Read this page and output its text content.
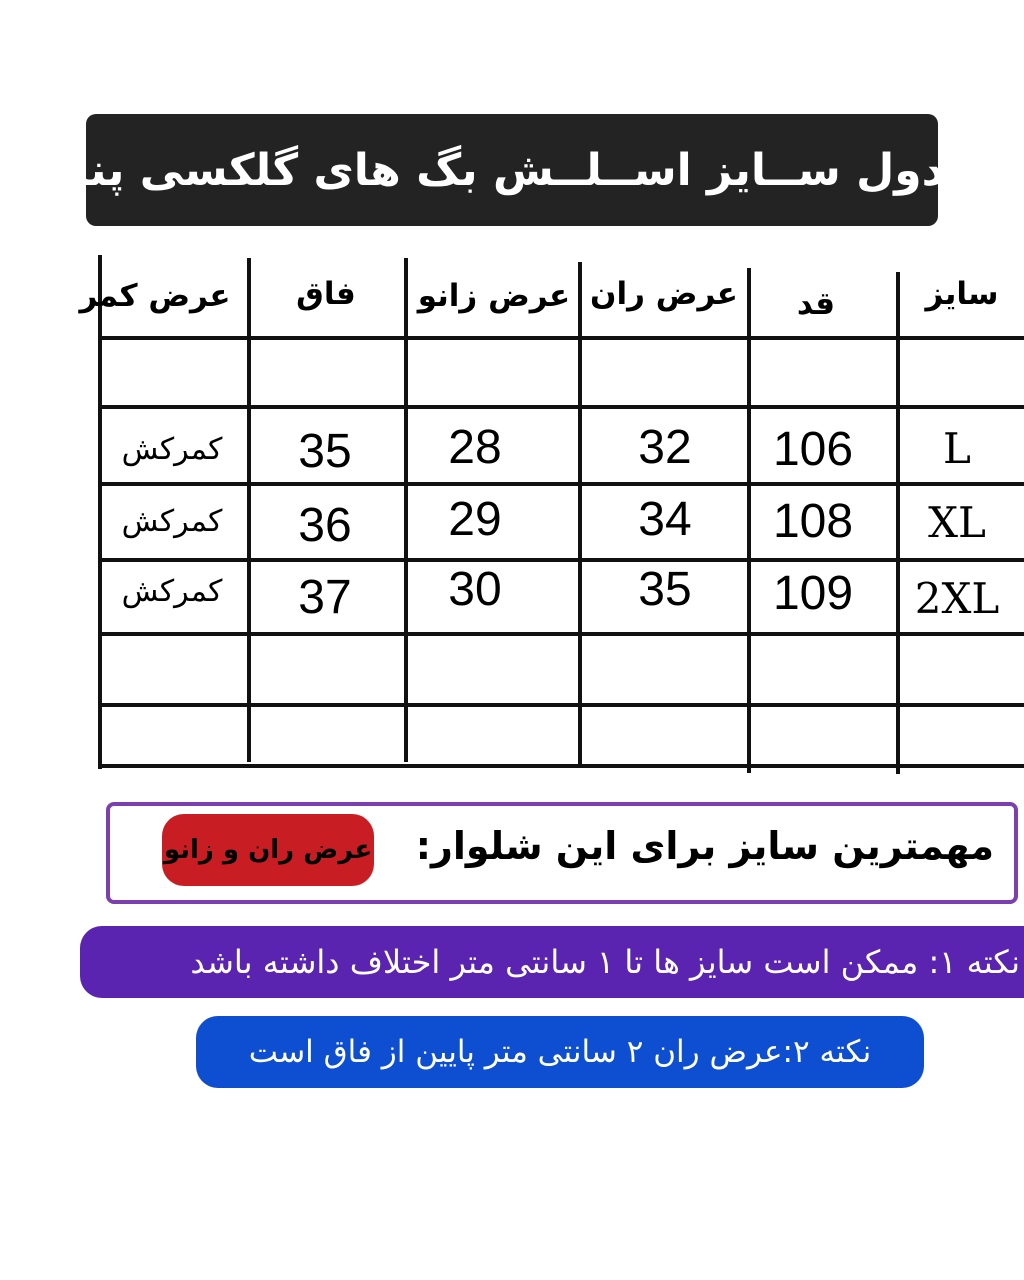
جدول ســایز اســلــش بگ های گلکسی پنبه
سایز
قد
عرض ران
عرض زانو
فاق
عرض کمر
L
106
32
28
35
کمرکش
XL
108
34
29
36
کمرکش
2XL
109
35
30
37
کمرکش
مهمترین سایز برای این شلوار:
عرض ران و زانو
نکته ۱: ممکن است سایز ها تا ۱ سانتی متر اختلاف داشته باشد
نکته ۲:عرض ران ۲ سانتی متر پایین از فاق است
